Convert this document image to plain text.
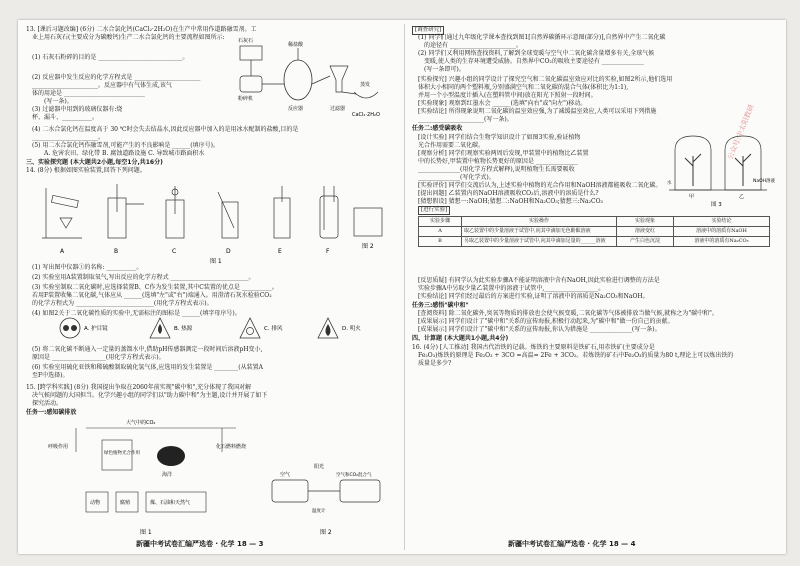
13. [课后习题改编] (6分) 二水合氯化钙(CaCl₂·2H₂O)在生产中常用作道路融雪剂。工
业上用石灰石(主要成分为碳酸钙)生产二水合氯化钙的主要流程如图所示:
(1) 石灰石粉碎的目的是 ____________________________。
(2) 反应器中发生反应的化学方程式是 ______________________
______________________。反应器中有气体生成,该气
体的用途是 ___________________________
(写一条)。
(3) 过滤器中用到的玻璃仪器有:烧
杯、漏斗、__________。
(4) 二水合氯化钙在温度高于 30 ℃时会失去结晶水,因此反应器中加入的是用冰水配制的盐酸,目的是
______________________。
(5) 用二水合氯化钙作融雪剂,可能产生的不良影响是 ______(填序号)。
A. 危害农田、绿化带 B. 腐蚀道路设施 C. 导致城市路面积水
三、实验探究题 (本大题共2小题,每空1分,共16分)
14. (8分) 根据如图实验装置,回答下列问题。
(1) 写出图中仪器①的名称: __________。
(2) 实验室用A装置制取氧气,写出反应的化学方程式 __________________________。
(3) 实验室制取二氧化碳时,应选择装置B、C作为发生装置,其中C装置的优点是 __________。
若用F装置收集二氧化碳,气体应从 ______(选填"左"或"右")端通入。用澄清石灰水检验CO₂
的化学方程式为 __________________________(用化学方程式表示)。
(4) 如图2关于二氧化碳性质的实验中,无需标注的图标是 ______(填字母序号)。
(5) 将二氧化碳不断通入一定量的蒸馏水中,借助pH传感器测定一段时间后溶液pH变小,
原因是 __________________(用化学方程式表示)。
(6) 实验室用硫化亚铁和稀硫酸制取硫化氢气体,应选用的发生装置是 ________(从装置A
至F中选择)。
15. [跨学科实践] (8分) 我国提出争取在2060年前实现"碳中和",充分体现了我国对解
决气候问题的大国担当。化学兴趣小组的同学们以"助力碳中和"为主题,设计并开展了如下
探究活动。
任务一:感知碳排放
石灰石
粉碎机
反应器
稀盐酸
过滤器
蒸发
CaCl₂·2H₂O
A	B	C	D	E	F
图 1
图 2
A. 护目镜	B. 热源	C. 排风	D. 明火
大气中的CO₂
呼吸作用
绿色植物光合作用
海洋
化石燃料燃烧
动物	腐殖	煤、石油和天然气
图 1
空气	空气和CO₂混合气
阳光
温度计
图 2
新疆中考试卷汇编严选卷 · 化学 18 — 3
[调查研究]
(1) 同学们通过九年级化学课本查找到图1[自然界碳循环示意图(部分)],自然界中产生二氧化碳
的途径有 ______________________。
(2) 同学们又利用网络查找资料,了解到全球变暖与空气中二氧化碳含量增多有关,全球气候
变暖,使人类的生存环境遭受威胁。自然界中CO₂的吸收主要途径有 ______________
(写一条即可)。
[实验探究] 兴趣小组的同学设计了探究空气和二氧化碳温室效应对比的实验,如图2所示,他们选用
体积大小相同的两个塑料瓶,分别盛满空气和二氧化碳的混合气体(体积比为1:1),
并用一个小型温度计插入(在塑料管中间)放在阳光下照射一段时间。
[实验现象] 观察到红墨水会 ______(选填"向右"或"向左")移动。
[实验结论] 所得现象说明二氧化碳的温室效应强,为了减缓温室效应,人类可以采用下列措施
______________________(写一条)。
任务二:感受碳吸收
[设计实验] 同学们结合生物学知识设计了如图3实验,验证植物
光合作用需要二氧化碳。
[观察分析] 同学们观察实验两周后发现,甲装置中的植物比乙装置
中的长势好,甲装置中植物长势更好的原因是 ______________
______________(用化学方程式解释),说明植物生长需要吸收
______________(写化学式)。
[实验评价] 同学们交流后认为,上述实验中植物的光合作用和NaOH溶液都能吸收二氧化碳。
[提出问题] 乙装置内的NaOH溶液吸收CO₂后,溶液中的溶质是什么?
[猜想假设] 猜想一:NaOH;猜想二:NaOH和Na₂CO₃;猜想三:Na₂CO₃
[进行实验]
[反思质疑] 有同学认为此实验步骤A不能证明溶液中含有NaOH,因此实验进行调整的方法是
实验步骤A中另取少量乙装置中的溶液于试管中,__________________。
[实验结论] 同学们经过最后的方案进行实验,证明了溶液中的溶质是Na₂CO₃和NaOH。
任务三:感悟"碳中和"
[查阅资料] 除二氧化碳外,臭氧等物质的排放也会使气候变暖,二氧化碳等气体被排放当做气候,就称之为"碳中和"。
[成果展示] 同学们设计了"碳中和"关系的宣传海报,积极行动起来,为"碳中和"做一份自己的贡献。
[成果展示] 同学们设计了"碳中和"关系的宣传海报,你认为措施是 ______________(写一条)。
四、计算题 (本大题共1小题,共4分)
16. (4分) [人工推动] 我国古代冶铁的记载。炼铁的主要原料是铁矿石,用赤铁矿(主要成分是
Fe₂O₃)炼铁的原理是 Fe₂O₃ + 3CO =高温= 2Fe + 3CO₂。若炼铁的矿石中Fe₂O₃的质量为80 t,理论上可以炼出铁的
质量是多少?
甲	乙
水	NaOH溶液
图 3
实验步骤	实验操作	实验现象	实验结论
A	取乙装置中的少量溶液于试管中,向其中滴加无色酚酞溶液	溶液变红	溶液中的溶质有NaOH
B	另取乙装置中的少量溶液于试管中,向其中滴加足量的______溶液	产生白色沉淀	溶液中的溶质有Na₂CO₃
公众号:中太阳教研
新疆中考试卷汇编严选卷 · 化学 18 — 4
